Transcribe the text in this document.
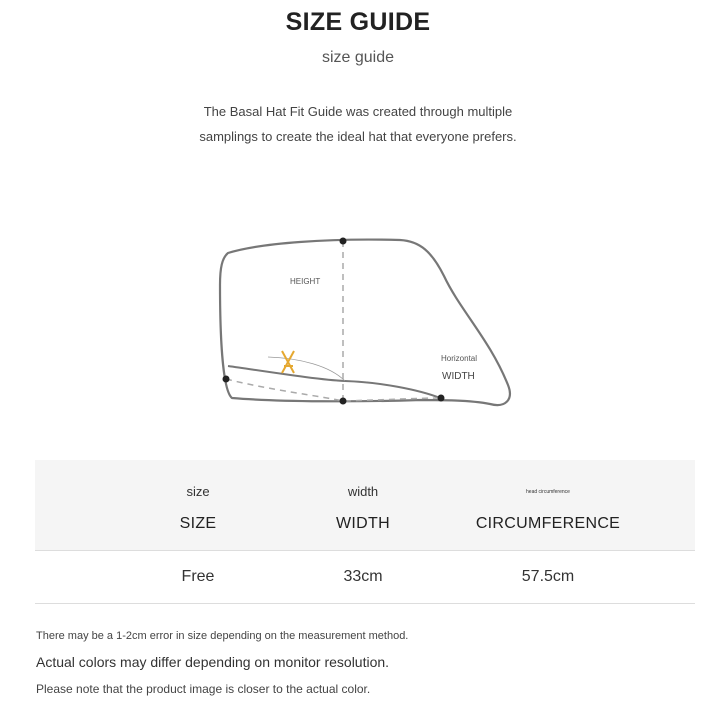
SIZE GUIDE
size guide
The Basal Hat Fit Guide was created through multiple
samplings to create the ideal hat that everyone prefers.
HEIGHT
Horizontal
WIDTH
size	width	head circumference
SIZE	WIDTH	CIRCUMFERENCE
Free	33cm	57.5cm
There may be a 1-2cm error in size depending on the measurement method.
Actual colors may differ depending on monitor resolution.
Please note that the product image is closer to the actual color.
